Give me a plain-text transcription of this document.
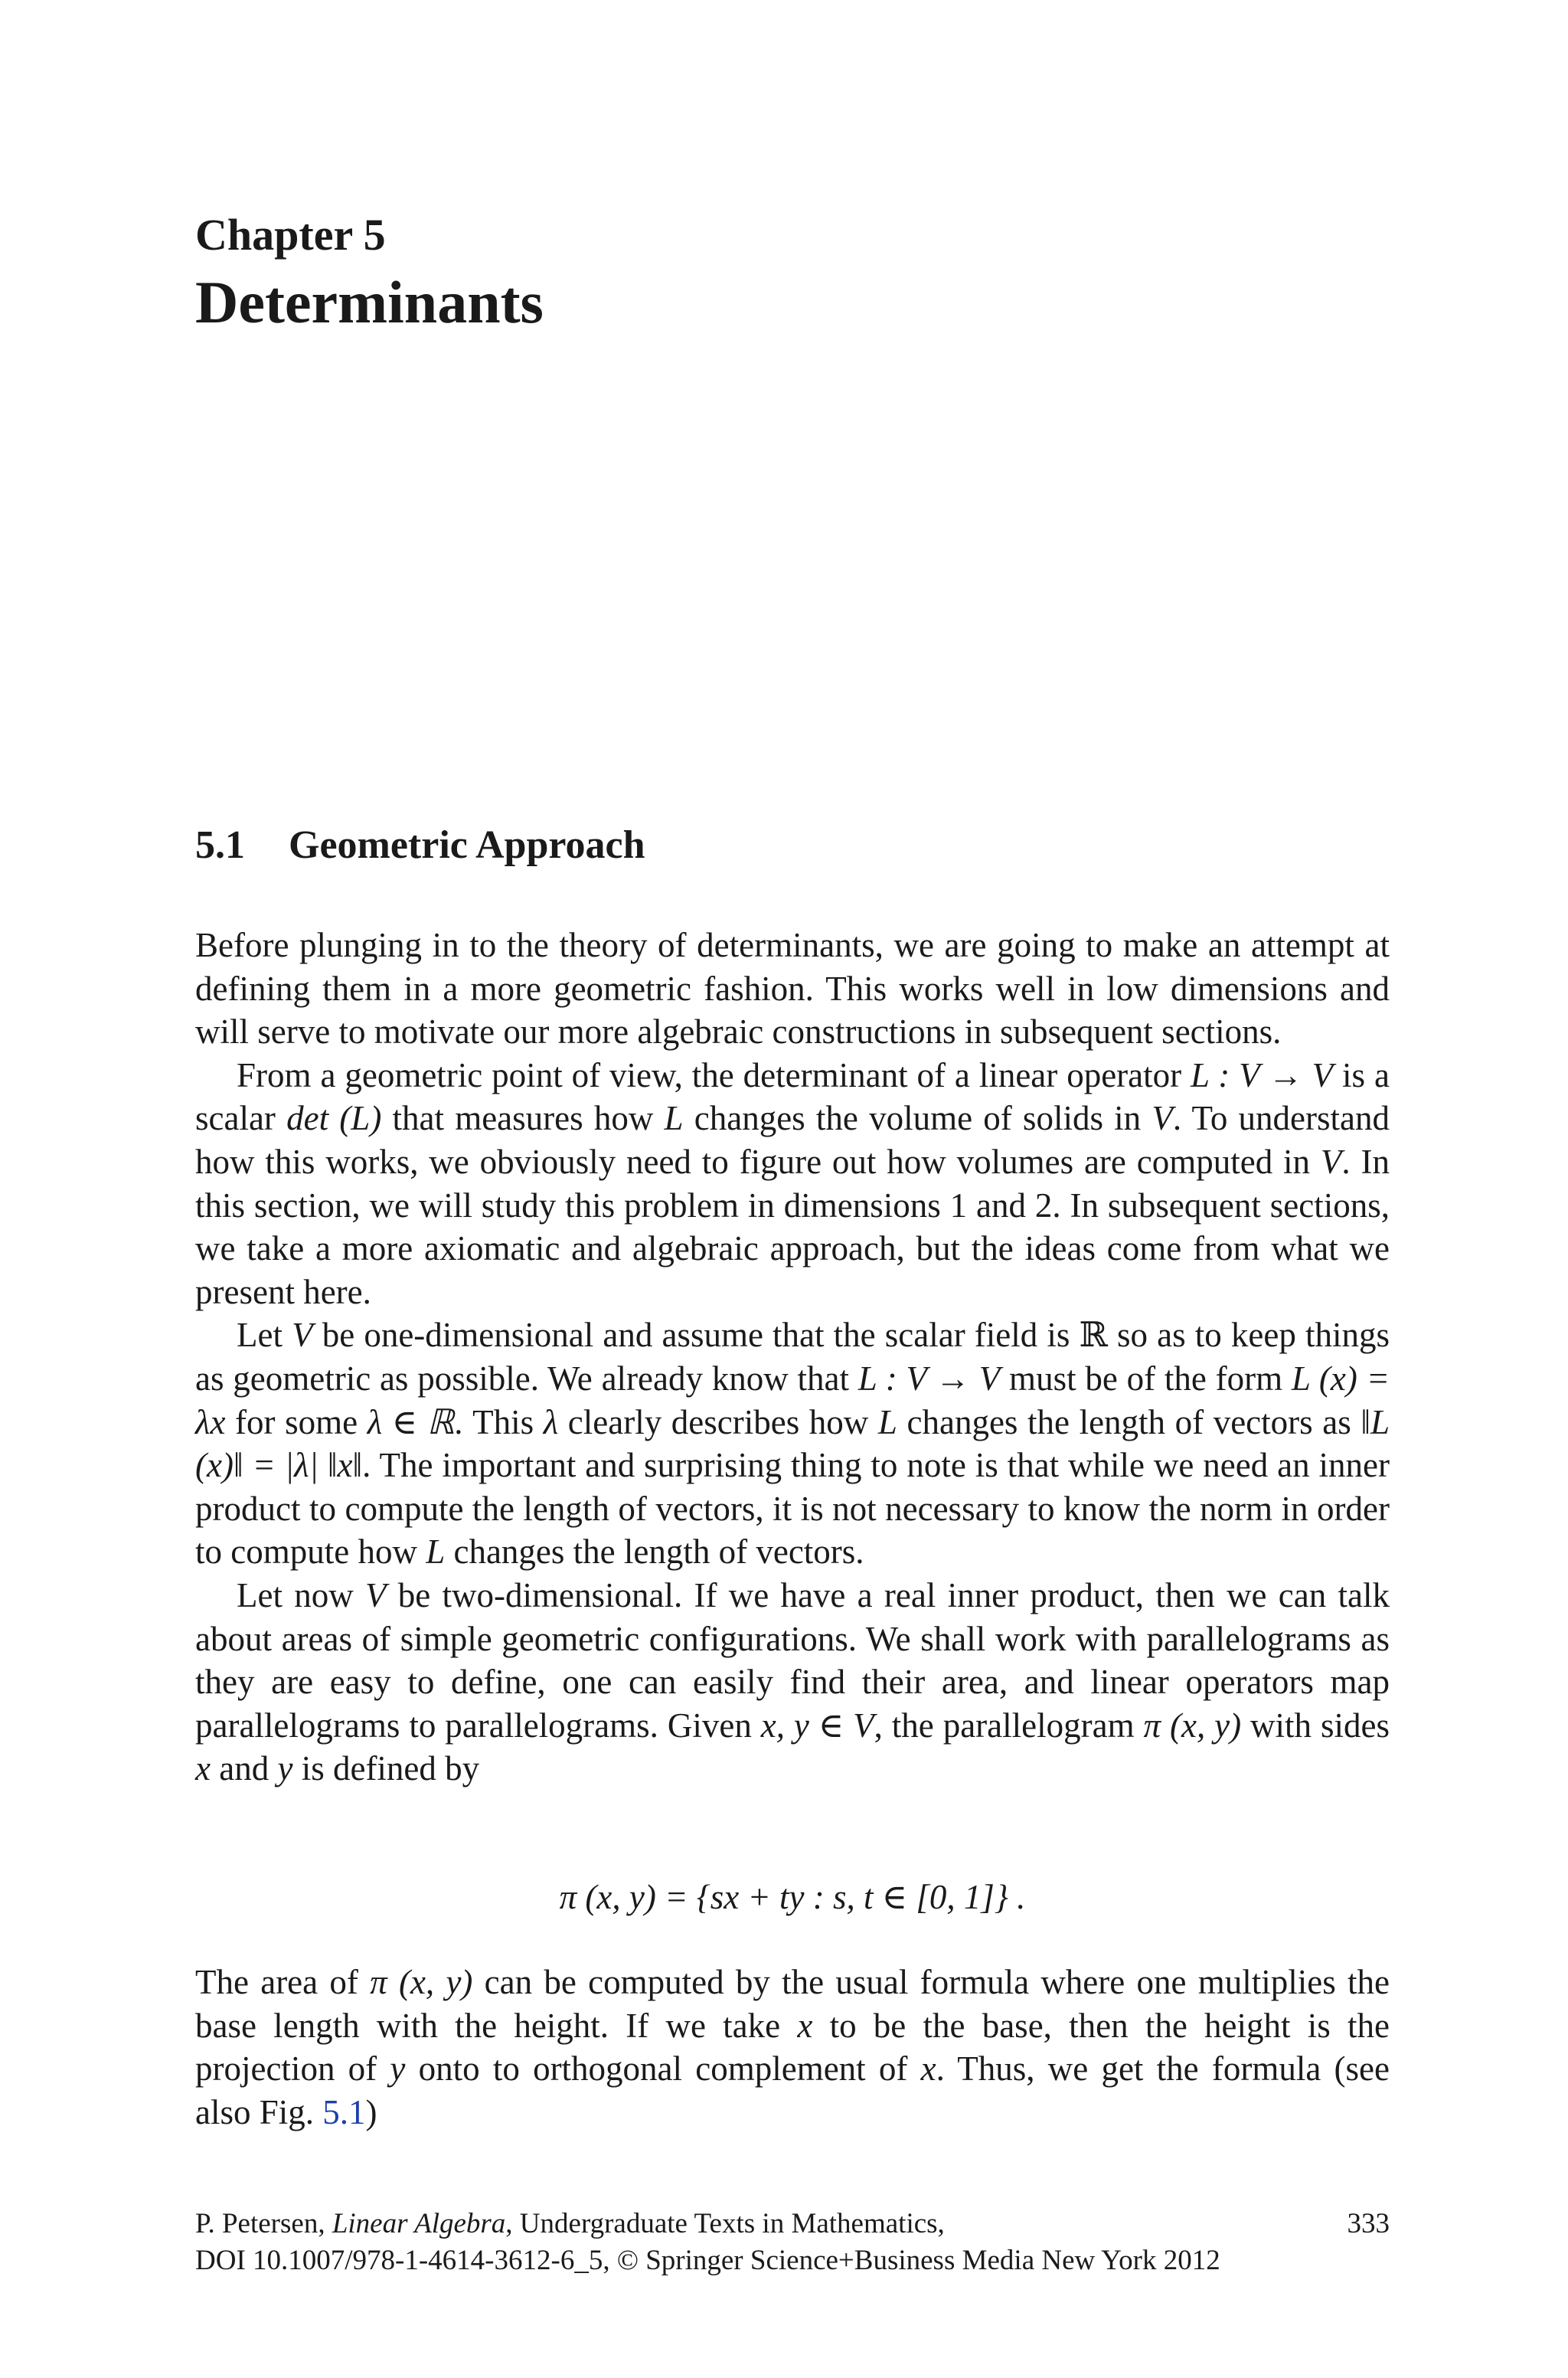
Chapter 5
Determinants
5.1 Geometric Approach

Before plunging in to the theory of determinants, we are going to make an attempt at defining them in a more geometric fashion. This works well in low dimensions and will serve to motivate our more algebraic constructions in subsequent sections.

From a geometric point of view, the determinant of a linear operator L : V → V is a scalar det (L) that measures how L changes the volume of solids in V. To understand how this works, we obviously need to figure out how volumes are computed in V. In this section, we will study this problem in dimensions 1 and 2. In subsequent sections, we take a more axiomatic and algebraic approach, but the ideas come from what we present here.

Let V be one-dimensional and assume that the scalar field is ℝ so as to keep things as geometric as possible. We already know that L : V → V must be of the form L (x) = λx for some λ ∈ ℝ. This λ clearly describes how L changes the length of vectors as ‖L (x)‖ = |λ| ‖x‖. The important and surprising thing to note is that while we need an inner product to compute the length of vectors, it is not necessary to know the norm in order to compute how L changes the length of vectors.

Let now V be two-dimensional. If we have a real inner product, then we can talk about areas of simple geometric configurations. We shall work with parallelograms as they are easy to define, one can easily find their area, and linear operators map parallelograms to parallelograms. Given x, y ∈ V, the parallelogram π (x, y) with sides x and y is defined by

π (x, y) = {sx + ty : s, t ∈ [0, 1]} .

The area of π (x, y) can be computed by the usual formula where one multiplies the base length with the height. If we take x to be the base, then the height is the projection of y onto to orthogonal complement of x. Thus, we get the formula (see also Fig. 5.1)

P. Petersen, Linear Algebra, Undergraduate Texts in Mathematics,	333
DOI 10.1007/978-1-4614-3612-6_5, © Springer Science+Business Media New York 2012
